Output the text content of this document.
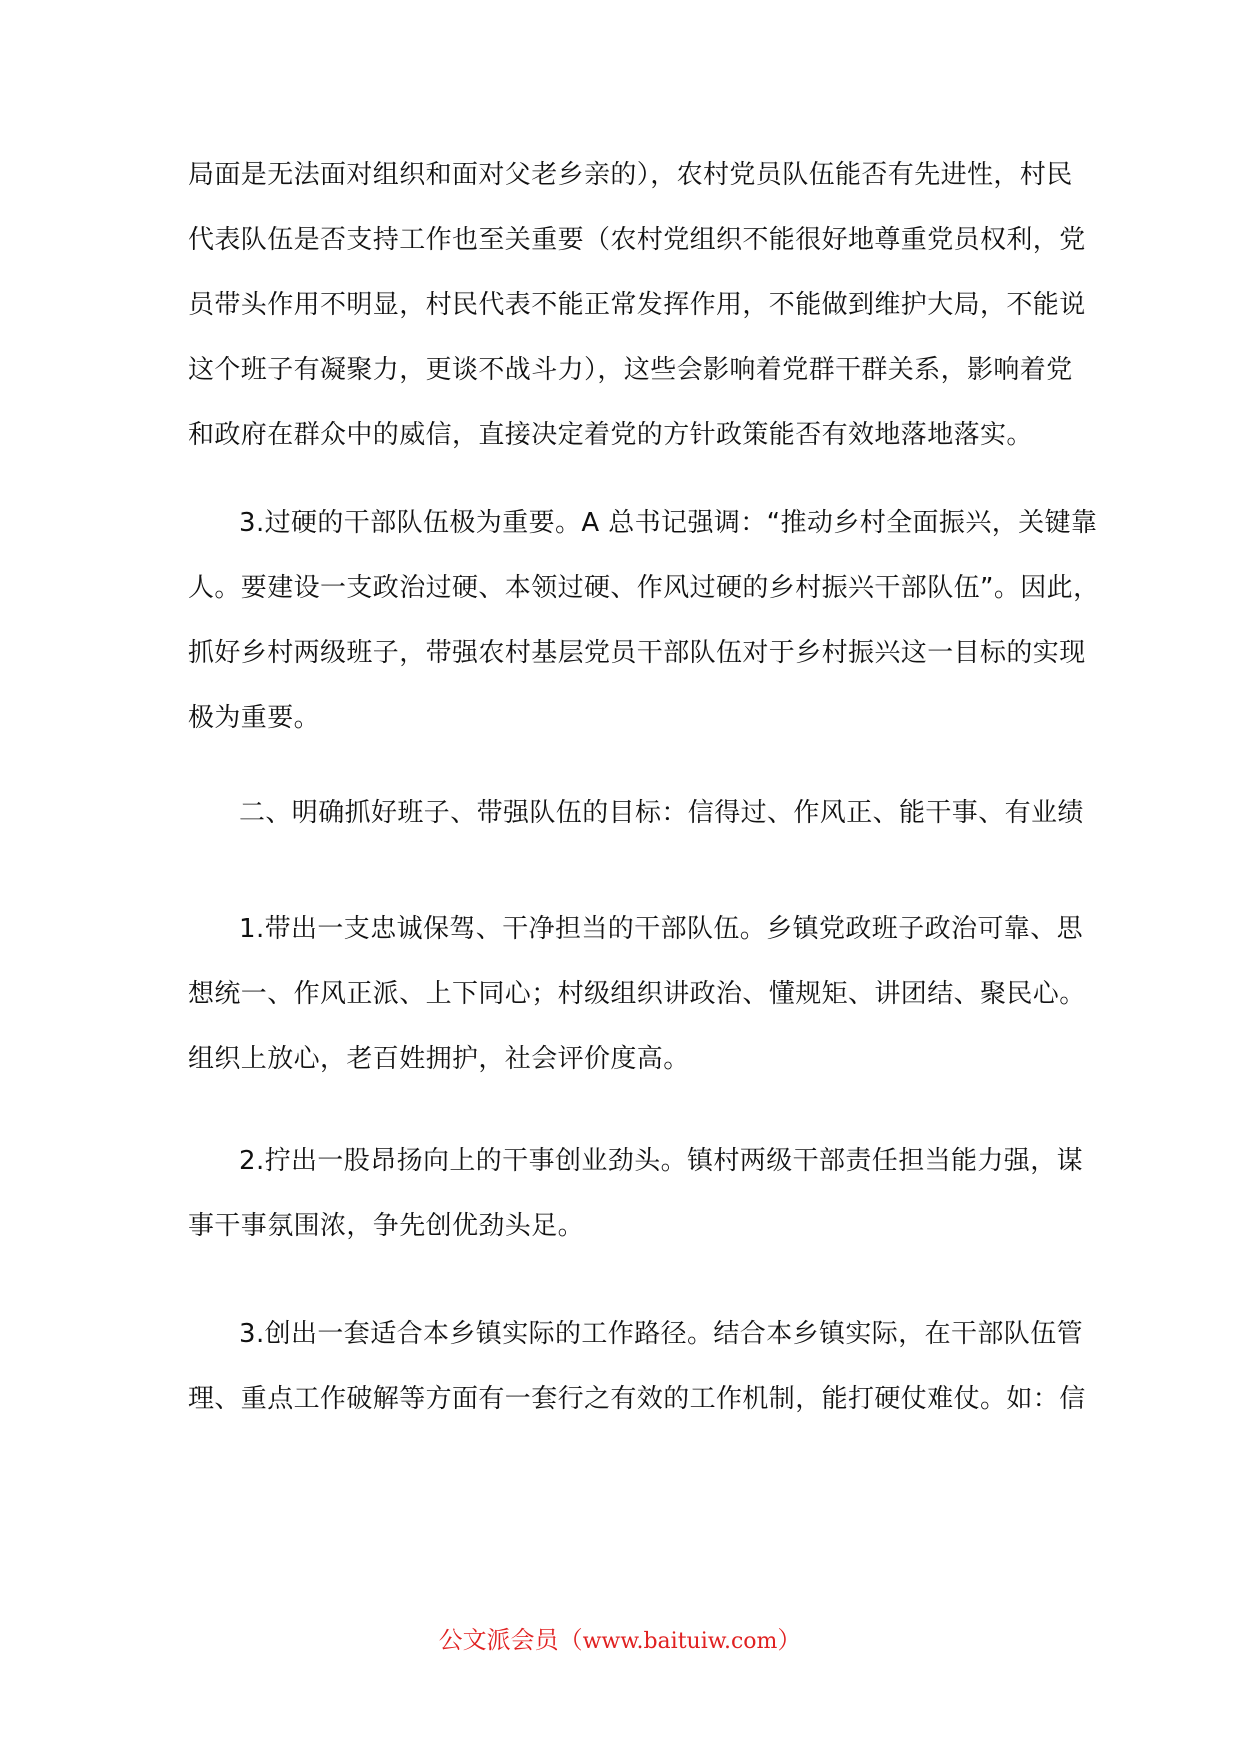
局面是无法面对组织和面对父老乡亲的），农村党员队伍能否有先进性，村民
代表队伍是否支持工作也至关重要（农村党组织不能很好地尊重党员权利，党
员带头作用不明显，村民代表不能正常发挥作用，不能做到维护大局，不能说
这个班子有凝聚力，更谈不战斗力），这些会影响着党群干群关系，影响着党
和政府在群众中的威信，直接决定着党的方针政策能否有效地落地落实。
3.过硬的干部队伍极为重要。A 总书记强调：“推动乡村全面振兴，关键靠
人。要建设一支政治过硬、本领过硬、作风过硬的乡村振兴干部队伍”。因此，
抓好乡村两级班子，带强农村基层党员干部队伍对于乡村振兴这一目标的实现
极为重要。
二、明确抓好班子、带强队伍的目标：信得过、作风正、能干事、有业绩
1.带出一支忠诚保驾、干净担当的干部队伍。乡镇党政班子政治可靠、思
想统一、作风正派、上下同心；村级组织讲政治、懂规矩、讲团结、聚民心。
组织上放心，老百姓拥护，社会评价度高。
2.拧出一股昂扬向上的干事创业劲头。镇村两级干部责任担当能力强，谋
事干事氛围浓，争先创优劲头足。
3.创出一套适合本乡镇实际的工作路径。结合本乡镇实际，在干部队伍管
理、重点工作破解等方面有一套行之有效的工作机制，能打硬仗难仗。如：信
公文派会员（www.baituiw.com）
